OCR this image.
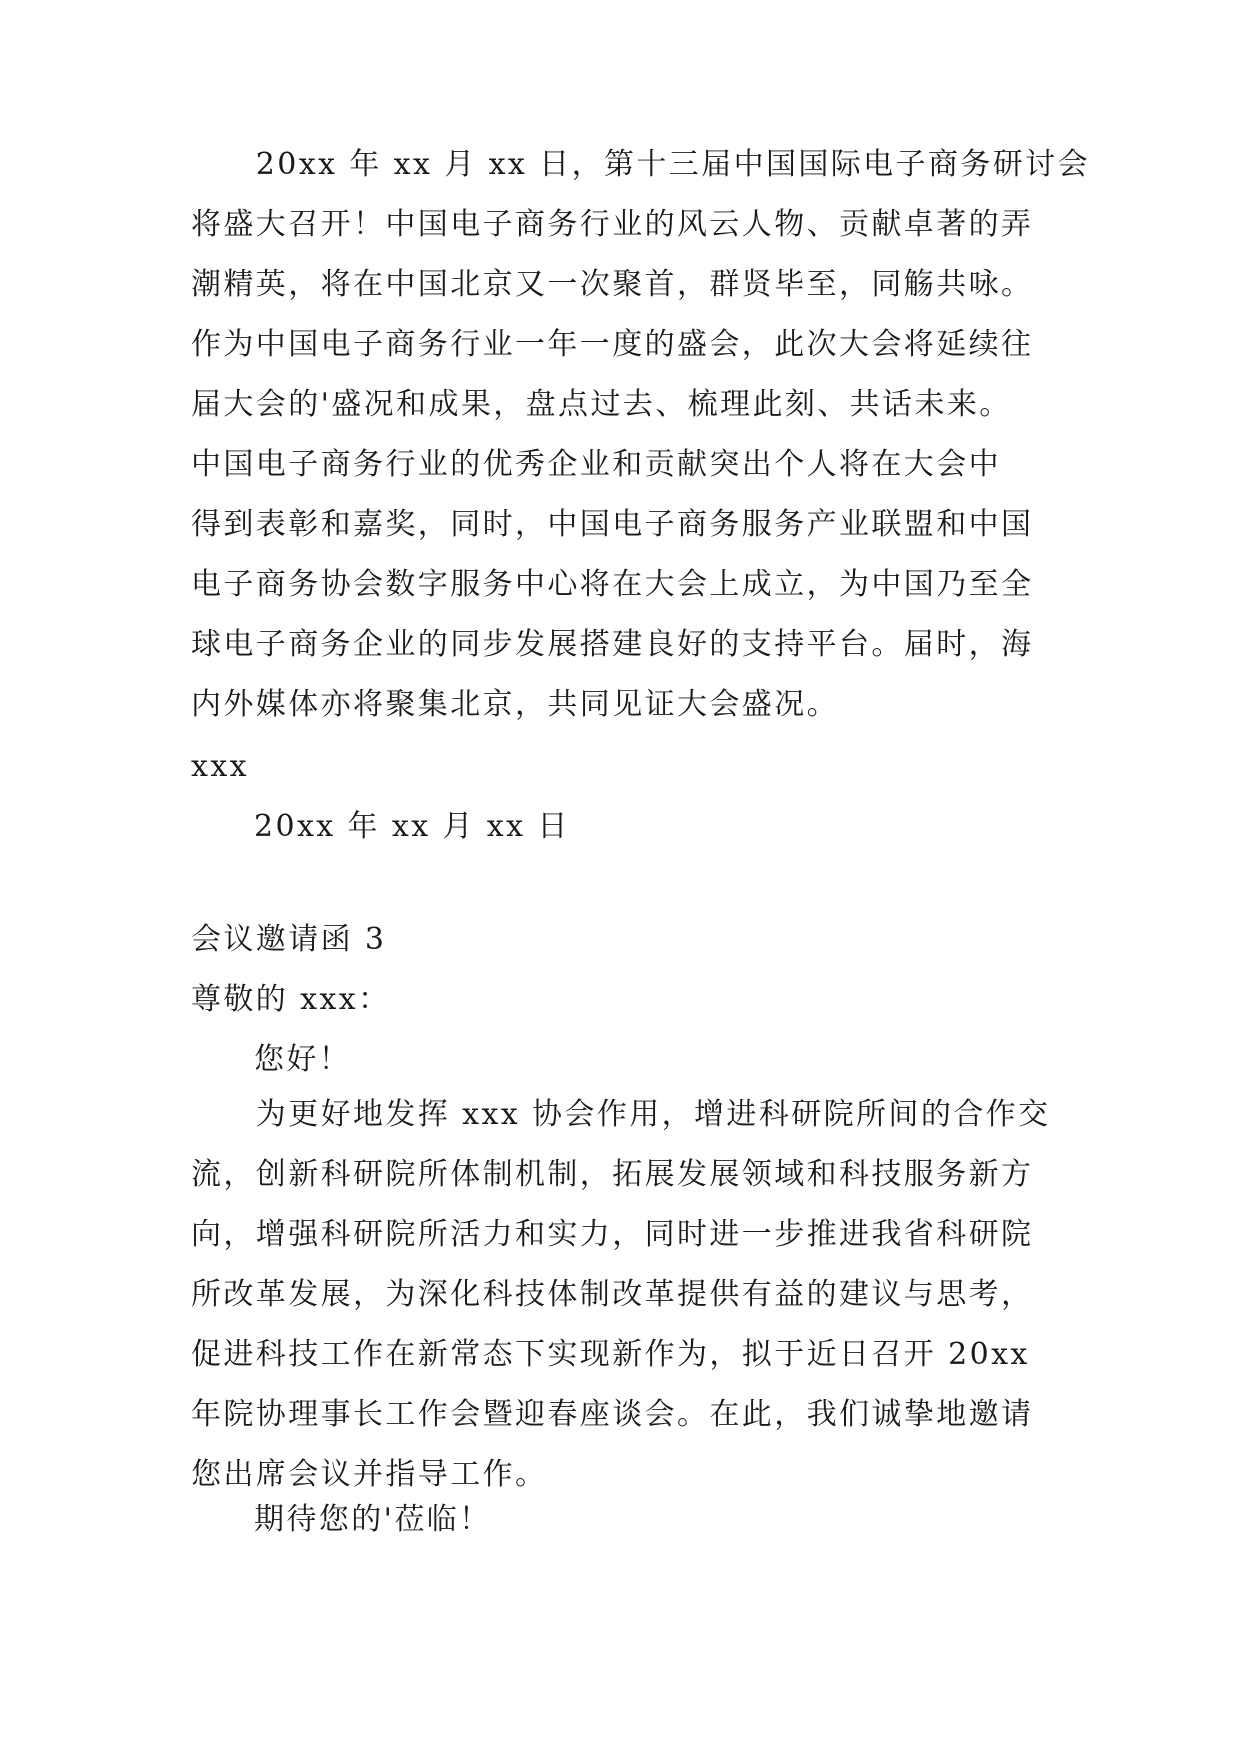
　　20xx 年 xx 月 xx 日，第十三届中国国际电子商务研讨会
将盛大召开！中国电子商务行业的风云人物、贡献卓著的弄
潮精英，将在中国北京又一次聚首，群贤毕至，同觞共咏。
作为中国电子商务行业一年一度的盛会，此次大会将延续往
届大会的'盛况和成果，盘点过去、梳理此刻、共话未来。
中国电子商务行业的优秀企业和贡献突出个人将在大会中
得到表彰和嘉奖，同时，中国电子商务服务产业联盟和中国
电子商务协会数字服务中心将在大会上成立，为中国乃至全
球电子商务企业的同步发展搭建良好的支持平台。届时，海
内外媒体亦将聚集北京，共同见证大会盛况。
xxx
20xx 年 xx 月 xx 日
会议邀请函 3
尊敬的 xxx：
您好！
　　为更好地发挥 xxx 协会作用，增进科研院所间的合作交
流，创新科研院所体制机制，拓展发展领域和科技服务新方
向，增强科研院所活力和实力，同时进一步推进我省科研院
所改革发展，为深化科技体制改革提供有益的建议与思考，
促进科技工作在新常态下实现新作为，拟于近日召开 20xx
年院协理事长工作会暨迎春座谈会。在此，我们诚挚地邀请
您出席会议并指导工作。
期待您的'莅临！
